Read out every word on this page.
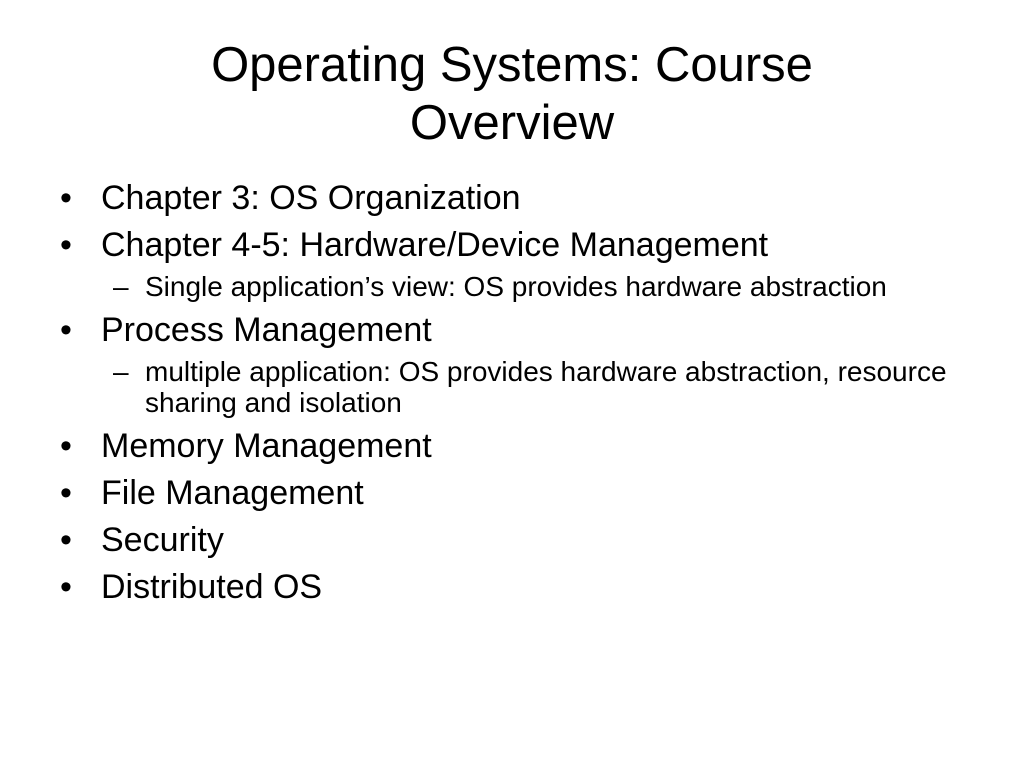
Operating Systems: Course Overview
• Chapter 3: OS Organization
• Chapter 4-5: Hardware/Device Management
– Single application’s view: OS provides hardware abstraction
• Process Management
– multiple application: OS provides hardware abstraction, resource sharing and isolation
• Memory Management
• File Management
• Security
• Distributed OS
